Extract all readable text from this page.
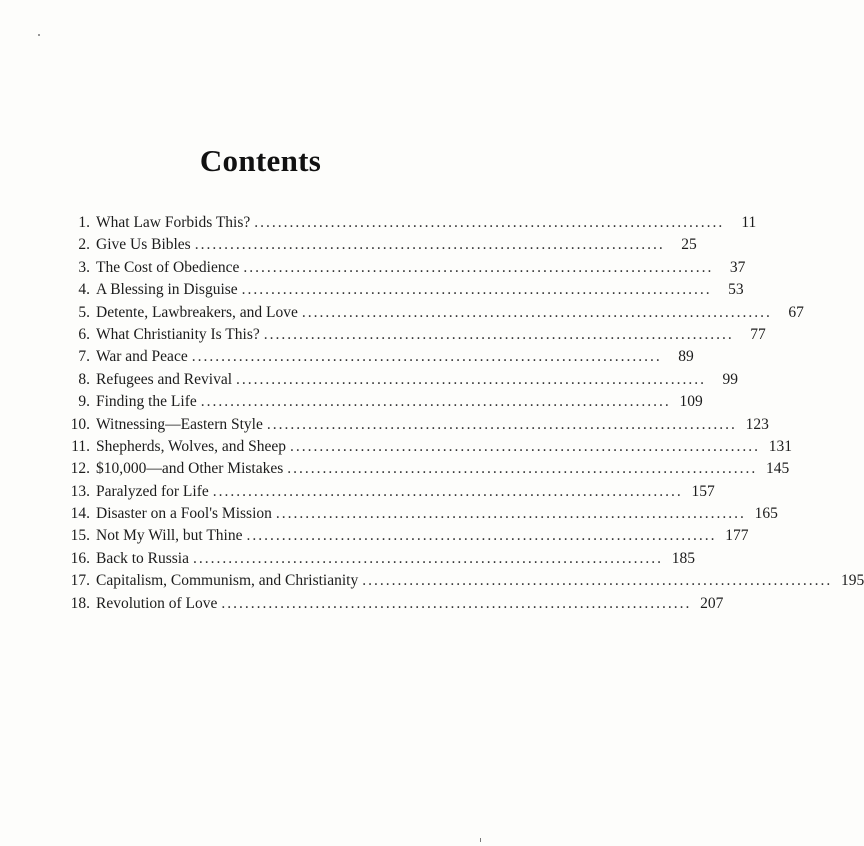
Contents
1. What Law Forbids This? ................................................................................	11
2. Give Us Bibles ................................................................................	25
3. The Cost of Obedience ................................................................................	37
4. A Blessing in Disguise ................................................................................	53
5. Detente, Lawbreakers, and Love ................................................................................	67
6. What Christianity Is This? ................................................................................	77
7. War and Peace ................................................................................	89
8. Refugees and Revival ................................................................................	99
9. Finding the Life ................................................................................ 109
10. Witnessing—Eastern Style ................................................................................ 123
11. Shepherds, Wolves, and Sheep ................................................................................ 131
12. $10,000—and Other Mistakes ................................................................................ 145
13. Paralyzed for Life ................................................................................ 157
14. Disaster on a Fool's Mission ................................................................................ 165
15. Not My Will, but Thine ................................................................................ 177
16. Back to Russia ................................................................................ 185
17. Capitalism, Communism, and Christianity ................................................................................ 195
18. Revolution of Love ................................................................................ 207
